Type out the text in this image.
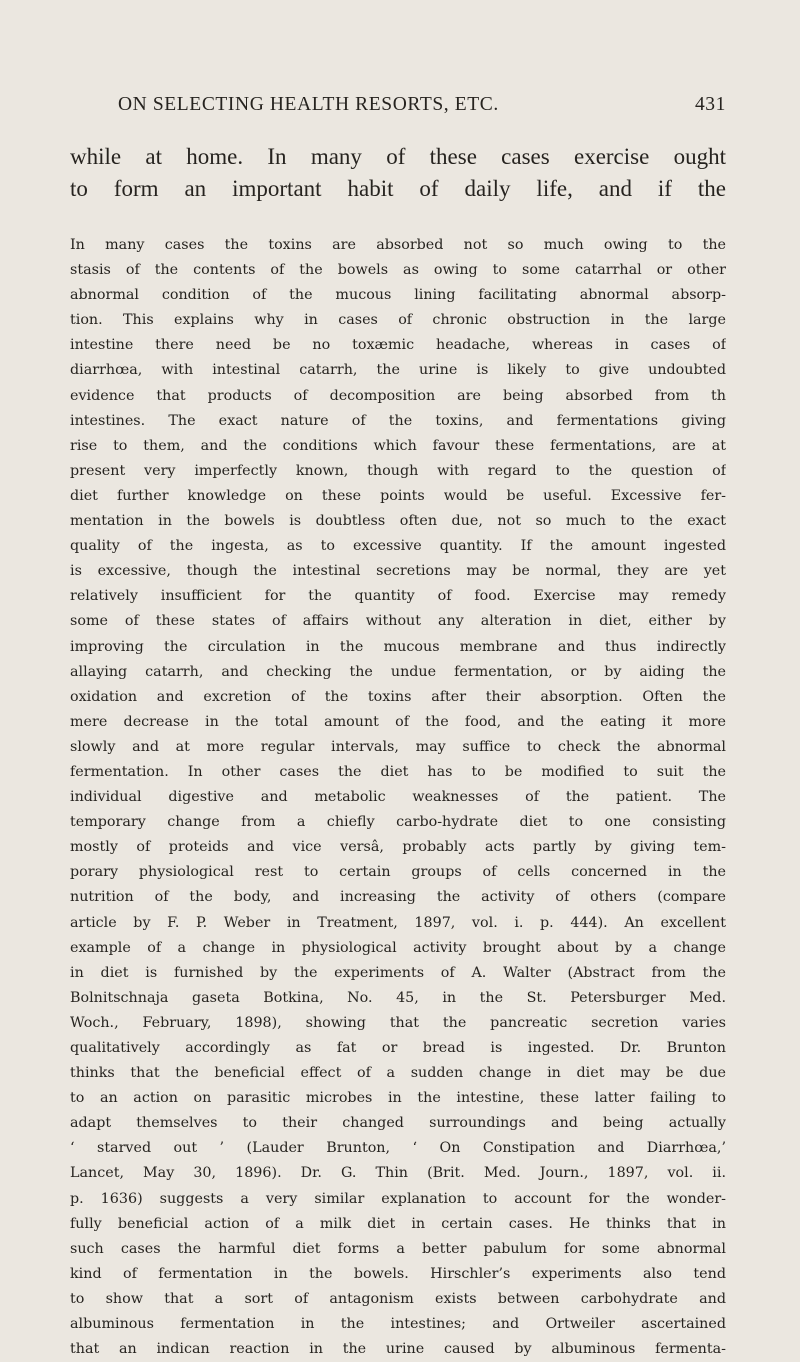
ON SELECTING HEALTH RESORTS, ETC.	431
while at home. In many of these cases exercise ought
to form an important habit of daily life, and if the
In many cases the toxins are absorbed not so much owing to the
stasis of the contents of the bowels as owing to some catarrhal or other
abnormal condition of the mucous lining facilitating abnormal absorp-
tion. This explains why in cases of chronic obstruction in the large
intestine there need be no toxæmic headache, whereas in cases of
diarrhœa, with intestinal catarrh, the urine is likely to give undoubted
evidence that products of decomposition are being absorbed from th
intestines. The exact nature of the toxins, and fermentations giving
rise to them, and the conditions which favour these fermentations, are at
present very imperfectly known, though with regard to the question of
diet further knowledge on these points would be useful. Excessive fer-
mentation in the bowels is doubtless often due, not so much to the exact
quality of the ingesta, as to excessive quantity. If the amount ingested
is excessive, though the intestinal secretions may be normal, they are yet
relatively insufficient for the quantity of food. Exercise may remedy
some of these states of affairs without any alteration in diet, either by
improving the circulation in the mucous membrane and thus indirectly
allaying catarrh, and checking the undue fermentation, or by aiding the
oxidation and excretion of the toxins after their absorption. Often the
mere decrease in the total amount of the food, and the eating it more
slowly and at more regular intervals, may suffice to check the abnormal
fermentation. In other cases the diet has to be modified to suit the
individual digestive and metabolic weaknesses of the patient. The
temporary change from a chiefly carbo-hydrate diet to one consisting
mostly of proteids and vice versâ, probably acts partly by giving tem-
porary physiological rest to certain groups of cells concerned in the
nutrition of the body, and increasing the activity of others (compare
article by F. P. Weber in Treatment, 1897, vol. i. p. 444). An excellent
example of a change in physiological activity brought about by a change
in diet is furnished by the experiments of A. Walter (Abstract from the
Bolnitschnaja gaseta Botkina, No. 45, in the St. Petersburger Med.
Woch., February, 1898), showing that the pancreatic secretion varies
qualitatively accordingly as fat or bread is ingested. Dr. Brunton
thinks that the beneficial effect of a sudden change in diet may be due
to an action on parasitic microbes in the intestine, these latter failing to
adapt themselves to their changed surroundings and being actually
‘ starved out ’ (Lauder Brunton, ‘ On Constipation and Diarrhœa,’
Lancet, May 30, 1896). Dr. G. Thin (Brit. Med. Journ., 1897, vol. ii.
p. 1636) suggests a very similar explanation to account for the wonder-
fully beneficial action of a milk diet in certain cases. He thinks that in
such cases the harmful diet forms a better pabulum for some abnormal
kind of fermentation in the bowels. Hirschler’s experiments also tend
to show that a sort of antagonism exists between carbohydrate and
albuminous fermentation in the intestines; and Ortweiler ascertained
that an indican reaction in the urine caused by albuminous fermenta-
